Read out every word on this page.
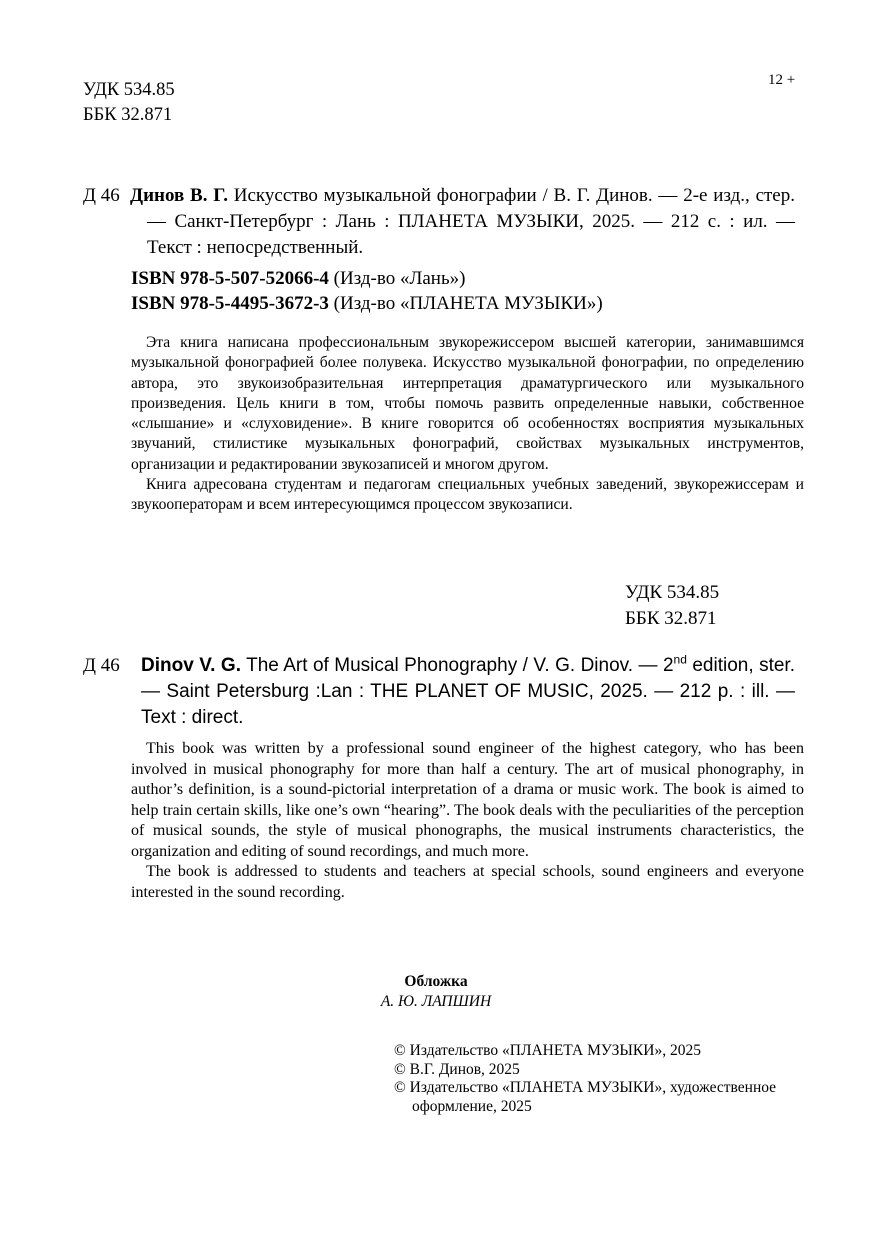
УДК 534.85
ББК 32.871
12 +
Д 46 Динов В. Г. Искусство музыкальной фонографии / В. Г. Динов. — 2-е изд., стер. — Санкт-Петербург : Лань : ПЛАНЕТА МУЗЫКИ, 2025. — 212 с. : ил. — Текст : непосредственный.
ISBN 978-5-507-52066-4 (Изд-во «Лань»)
ISBN 978-5-4495-3672-3 (Изд-во «ПЛАНЕТА МУЗЫКИ»)

Эта книга написана профессиональным звукорежиссером высшей категории, занимавшимся музыкальной фонографией более полувека. Искусство музыкальной фонографии, по определению автора, это звукоизобразительная интерпретация драматургического или музыкального произведения. Цель книги в том, чтобы помочь развить определенные навыки, собственное «слышание» и «слуховидение». В книге говорится об особенностях восприятия музыкальных звучаний, стилистике музыкальных фонографий, свойствах музыкальных инструментов, организации и редактировании звукозаписей и многом другом.

Книга адресована студентам и педагогам специальных учебных заведений, звукорежиссерам и звукооператорам и всем интересующимся процессом звукозаписи.

УДК 534.85
ББК 32.871
Д 46 Dinov V. G. The Art of Musical Phonography / V. G. Dinov. — 2nd edition, ster. — Saint Petersburg :Lan : THE PLANET OF MUSIC, 2025. — 212 p. : ill. — Text : direct.

This book was written by a professional sound engineer of the highest category, who has been involved in musical phonography for more than half a century. The art of musical phonography, in author’s definition, is a sound-pictorial interpretation of a drama or music work. The book is aimed to help train certain skills, like one’s own “hearing”. The book deals with the peculiarities of the perception of musical sounds, the style of musical phonographs, the musical instruments characteristics, the organization and editing of sound recordings, and much more.

The book is addressed to students and teachers at special schools, sound engineers and everyone interested in the sound recording.

Обложка
А. Ю. ЛАПШИН
© Издательство «ПЛАНЕТА МУЗЫКИ», 2025
© В.Г. Динов, 2025
© Издательство «ПЛАНЕТА МУЗЫКИ», художественное оформление, 2025
